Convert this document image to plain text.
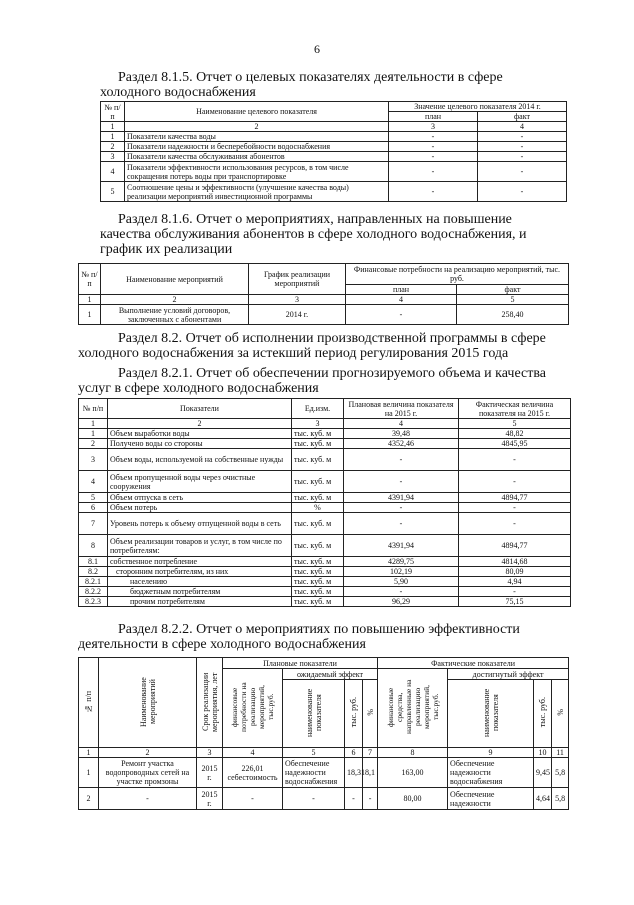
6
Раздел 8.1.5. Отчет о целевых показателях деятельности в сфере
холодного водоснабжения
№ п/п	Наименование целевого показателя	Значение целевого показателя 2014 г.	
		план	факт
1	2	3	4
1	Показатели качества воды	-	-
2	Показатели надежности и бесперебойности водоснабжения	-	-
3	Показатели качества обслуживания абонентов	-	-
4	Показатели эффективности использования ресурсов, в том числе сокращения потерь воды при транспортировке	-	-
5	Соотношение цены и эффективности (улучшение качества воды) реализации мероприятий инвестиционной программы	-	-
Раздел 8.1.6. Отчет о мероприятиях, направленных на повышение
качества обслуживания абонентов в сфере холодного водоснабжения, и
график их реализации
№ п/п	Наименование мероприятий	График реализации мероприятий	Финансовые потребности на реализацию мероприятий, тыс. руб.	
			план	факт
1	2	3	4	5
1	Выполнение условий договоров, заключенных с абонентами	2014 г.	-	258,40
Раздел 8.2. Отчет об исполнении производственной программы в сфере
холодного водоснабжения за истекший период регулирования 2015 года
Раздел 8.2.1. Отчет об обеспечении прогнозируемого объема и качества
услуг в сфере холодного водоснабжения
№ п/п	Показатели	Ед.изм.	Плановая величина показателя на 2015 г.	Фактическая величина показателя на 2015 г.
1	2	3	4	5
1	Объем выработки воды	тыс. куб. м	39,48	48,82
2	Получено воды со стороны	тыс. куб. м	4352,46	4845,95
3	Объем воды, используемой на собственные нужды	тыс. куб. м	-	-
4	Объем пропущенной воды через очистные сооружения	тыс. куб. м	-	-
5	Объем отпуска в сеть	тыс. куб. м	4391,94	4894,77
6	Объем потерь	%	-	-
7	Уровень потерь к объему отпущенной воды в сеть	тыс. куб. м	-	-
8	Объем реализации товаров и услуг, в том числе по потребителям:	тыс. куб. м	4391,94	4894,77
8.1	собственное потребление	тыс. куб. м	4289,75	4814,68
8.2	сторонним потребителям, из них	тыс. куб. м	102,19	80,09
8.2.1	населению	тыс. куб. м	5,90	4,94
8.2.2	бюджетным потребителям	тыс. куб. м	-	-
8.2.3	прочим потребителям	тыс. куб. м	96,29	75,15
Раздел 8.2.2. Отчет о мероприятиях по повышению эффективности
деятельности в сфере холодного водоснабжения
№ п/п	Наименование мероприятий	Срок реализации мероприятия, лет	Плановые показатели				Фактические показатели			
			финансовые потребности на реализацию мероприятий, тыс.руб.	ожидаемый эффект			финансовые средства, направленные на реализацию мероприятий, тыс.руб.	достигнутый эффект		
				наименование показателя	тыс. руб.	%		наименование показателя	тыс. руб.	%
1	2	3	4	5	6	7	8	9	10	11
1	Ремонт участка водопроводных сетей на участке промзоны	2015 г.	226,01 себестоимость	Обеспечение надежности водоснабжения	18,31	8,1	163,00	Обеспечение надежности водоснабжения	9,45	5,8
2	-	2015 г.	-	-	-	-	80,00	Обеспечение надежности	4,64	5,8
